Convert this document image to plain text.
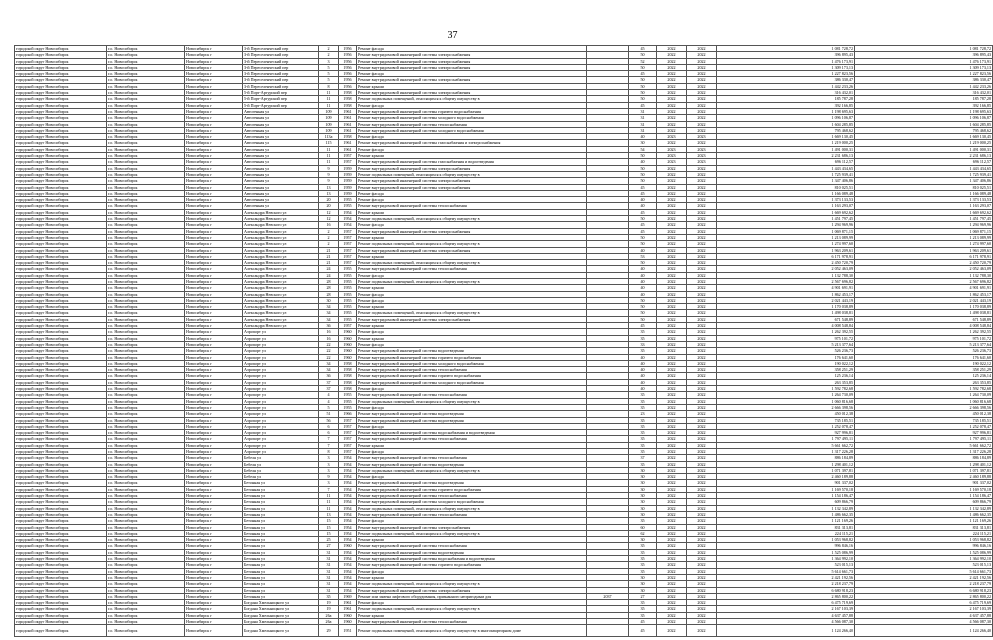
37
городской округ Новосибирск	г.о. Новосибирск	Новосибирск г	3-й Переселенческий пер	2	1956	Ремонт фасада		45	2022	2022	1 081 728,72	1 081 728,72
городской округ Новосибирск	г.о. Новосибирск	Новосибирск г	3-й Переселенческий пер	2	1956	Ремонт внутридомовой инженерной системы электроснабжения		50	2022	2022	396 895,43	396 895,43
городской округ Новосибирск	г.о. Новосибирск	Новосибирск г	3-й Переселенческий пер	3	1956	Ремонт внутридомовой инженерной системы электроснабжения		52	2022	2022	1 476 173,91	1 476 173,91
городской округ Новосибирск	г.о. Новосибирск	Новосибирск г	3-й Переселенческий пер	5	1956	Ремонт внутридомовой инженерной системы электроснабжения		50	2022	2022	1 309 173,13	1 309 173,13
городской округ Новосибирск	г.о. Новосибирск	Новосибирск г	3-й Переселенческий пер	5	1956	Ремонт фасада		45	2022	2022	1 227 823,56	1 227 823,56
городской округ Новосибирск	г.о. Новосибирск	Новосибирск г	3-й Переселенческий пер	5	1956	Ремонт внутридомовой инженерной системы электроснабжения		50	2022	2022	386 330,47	386 330,47
городской округ Новосибирск	г.о. Новосибирск	Новосибирск г	3-й Переселенческий пер	8	1956	Ремонт крыши		50	2022	2022	1 442 233,26	1 442 233,26
городской округ Новосибирск	г.о. Новосибирск	Новосибирск г	5-й Порт-Артурский пер	11	1958	Ремонт внутридомовой инженерной системы электроснабжения		50	2022	2022	316 432,01	316 432,01
городской округ Новосибирск	г.о. Новосибирск	Новосибирск г	5-й Порт-Артурский пер	11	1958	Ремонт подвальных помещений, относящихся к общему имуществу в		50	2022	2022	185 787,28	185 787,28
городской округ Новосибирск	г.о. Новосибирск	Новосибирск г	5-й Порт-Артурский пер	11	1958	Ремонт фасада		45	2022	2022	392 166,85	392 166,85
городской округ Новосибирск	г.о. Новосибирск	Новосибирск г	Автогенная ул	109	1961	Ремонт внутридомовой инженерной системы горячего водоснабжения		31	2022	2022	1 198 695,63	1 198 695,63
городской округ Новосибирск	г.о. Новосибирск	Новосибирск г	Автогенная ул	109	1961	Ремонт внутридомовой инженерной системы холодного водоснабжения		31	2022	2022	1 096 106,87	1 096 106,87
городской округ Новосибирск	г.о. Новосибирск	Новосибирск г	Автогенная ул	109	1961	Ремонт внутридомовой инженерной системы теплоснабжения		31	2022	2022	1 604 285,85	1 604 285,85
городской округ Новосибирск	г.о. Новосибирск	Новосибирск г	Автогенная ул	109	1961	Ремонт внутридомовой инженерной системы холодного водоснабжения		31	2022	2022	795 468,62	795 468,62
городской округ Новосибирск	г.о. Новосибирск	Новосибирск г	Автогенная ул	113а	1958	Ремонт фасада		40	2023	2023	1 669 130,45	1 669 130,45
городской округ Новосибирск	г.о. Новосибирск	Новосибирск г	Автогенная ул	115	1961	Ремонт внутридомовой инженерной системы газоснабжения и электроснабжения		30	2022	2022	1 219 000,25	1 219 000,25
городской округ Новосибирск	г.о. Новосибирск	Новосибирск г	Автогенная ул	11	1961	Ремонт фасада		54	2023	2023	1 491 000,31	1 491 000,31
городской округ Новосибирск	г.о. Новосибирск	Новосибирск г	Автогенная ул	11	1957	Ремонт крыши		50	2023	2023	2 231 686,13	2 231 686,13
городской округ Новосибирск	г.о. Новосибирск	Новосибирск г	Автогенная ул	11	1957	Ремонт внутридомовой инженерной системы газоснабжения и водоотведения		40	2023	2023	696 112,57	696 112,57
городской округ Новосибирск	г.о. Новосибирск	Новосибирск г	Автогенная ул	9	1959	Ремонт внутридомовой инженерной системы электроснабжения		50	2022	2022	1 443 434,65	1 443 434,65
городской округ Новосибирск	г.о. Новосибирск	Новосибирск г	Автогенная ул	9	1959	Ремонт подвальных помещений, относящихся к общему имуществу в		50	2022	2022	1 725 939,41	1 725 939,41
городской округ Новосибирск	г.о. Новосибирск	Новосибирск г	Автогенная ул	9	1959	Ремонт внутридомовой инженерной системы электроснабжения		50	2022	2022	1 347 406,86	1 347 406,86
городской округ Новосибирск	г.о. Новосибирск	Новосибирск г	Автогенная ул	13	1959	Ремонт внутридомовой инженерной системы электроснабжения		45	2022	2022	810 025,51	810 025,51
городской округ Новосибирск	г.о. Новосибирск	Новосибирск г	Автогенная ул	13	1959	Ремонт фасада		45	2022	2022	1 166 089,48	1 166 089,48
городской округ Новосибирск	г.о. Новосибирск	Новосибирск г	Автогенная ул	20	1955	Ремонт фасада		40	2022	2022	1 373 133,53	1 373 133,53
городской округ Новосибирск	г.о. Новосибирск	Новосибирск г	Автогенная ул	20	1955	Ремонт внутридомовой инженерной системы теплоснабжения		40	2022	2022	1 163 293,07	1 163 293,07
городской округ Новосибирск	г.о. Новосибирск	Новосибирск г	Александра Невского ул	12	1954	Ремонт крыши		45	2022	2022	1 669 692,62	1 669 692,62
городской округ Новосибирск	г.о. Новосибирск	Новосибирск г	Александра Невского ул	12	1954	Ремонт подвальных помещений, относящихся к общему имуществу в		50	2022	2022	1 451 797,45	1 451 797,45
городской округ Новосибирск	г.о. Новосибирск	Новосибирск г	Александра Невского ул	16	1954	Ремонт фасада		45	2022	2022	1 294 969,96	1 294 969,96
городской округ Новосибирск	г.о. Новосибирск	Новосибирск г	Александра Невского ул	2	1957	Ремонт внутридомовой инженерной системы электроснабжения		45	2022	2022	1 069 871,15	1 069 871,15
городской округ Новосибирск	г.о. Новосибирск	Новосибирск г	Александра Невского ул	2	1957	Ремонт крыши		50	2022	2022	1 213 089,99	1 213 089,99
городской округ Новосибирск	г.о. Новосибирск	Новосибирск г	Александра Невского ул	2	1957	Ремонт подвальных помещений, относящихся к общему имуществу в		50	2022	2022	1 274 997,60	1 274 997,60
городской округ Новосибирск	г.о. Новосибирск	Новосибирск г	Александра Невского ул	21	1957	Ремонт внутридомовой инженерной системы электроснабжения		40	2022	2022	1 963 209,61	1 963 209,61
городской округ Новосибирск	г.о. Новосибирск	Новосибирск г	Александра Невского ул	21	1957	Ремонт крыши		53	2022	2022	6 171 978,91	6 171 978,91
городской округ Новосибирск	г.о. Новосибирск	Новосибирск г	Александра Невского ул	21	1957	Ремонт подвальных помещений, относящихся к общему имуществу в		50	2022	2022	2 450 720,79	2 450 720,79
городской округ Новосибирск	г.о. Новосибирск	Новосибирск г	Александра Невского ул	24	1955	Ремонт внутридомовой инженерной системы теплоснабжения		40	2022	2022	2 052 463,09	2 052 463,09
городской округ Новосибирск	г.о. Новосибирск	Новосибирск г	Александра Невского ул	24	1955	Ремонт фасада		40	2022	2022	1 132 788,30	1 132 788,30
городской округ Новосибирск	г.о. Новосибирск	Новосибирск г	Александра Невского ул	28	1955	Ремонт подвальных помещений, относящихся к общему имуществу в		40	2022	2022	2 567 696,82	2 567 696,82
городской округ Новосибирск	г.о. Новосибирск	Новосибирск г	Александра Невского ул	28	1955	Ремонт крыши		40	2022	2022	4 901 691,91	4 901 691,91
городской округ Новосибирск	г.о. Новосибирск	Новосибирск г	Александра Невского ул	28	1955	Ремонт фасада		40	2022	2022	1 862 453,17	1 862 453,17
городской округ Новосибирск	г.о. Новосибирск	Новосибирск г	Александра Невского ул	30	1955	Ремонт фасада		50	2022	2022	2 021 443,19	2 021 443,19
городской округ Новосибирск	г.о. Новосибирск	Новосибирск г	Александра Невского ул	34	1955	Ремонт крыши		50	2022	2022	1 170 038,89	1 170 038,89
городской округ Новосибирск	г.о. Новосибирск	Новосибирск г	Александра Невского ул	34	1955	Ремонт подвальных помещений, относящихся к общему имуществу в		50	2022	2022	1 498 038,81	1 498 038,81
городской округ Новосибирск	г.о. Новосибирск	Новосибирск г	Александра Невского ул	34	1955	Ремонт внутридомовой инженерной системы электроснабжения		50	2022	2022	671 548,89	671 548,89
городской округ Новосибирск	г.о. Новосибирск	Новосибирск г	Александра Невского ул	36	1957	Ремонт крыши		45	2022	2022	4 008 548,84	4 008 548,84
городской округ Новосибирск	г.о. Новосибирск	Новосибирск г	Аэропорт ул	16	1960	Ремонт фасада		35	2022	2022	1 262 392,55	1 262 392,55
городской округ Новосибирск	г.о. Новосибирск	Новосибирск г	Аэропорт ул	16	1960	Ремонт крыши		35	2022	2022	975 101,72	975 101,72
городской округ Новосибирск	г.о. Новосибирск	Новосибирск г	Аэропорт ул	22	1960	Ремонт фасада		33	2022	2022	5 213 377,64	5 213 377,64
городской округ Новосибирск	г.о. Новосибирск	Новосибирск г	Аэропорт ул	22	1960	Ремонт внутридомовой инженерной системы водоотведения		35	2022	2022	526 236,73	526 236,73
городской округ Новосибирск	г.о. Новосибирск	Новосибирск г	Аэропорт ул	22	1960	Ремонт внутридомовой инженерной системы горячего водоснабжения		40	2022	2022	176 641,60	176 641,60
городской округ Новосибирск	г.о. Новосибирск	Новосибирск г	Аэропорт ул	34	1958	Ремонт внутридомовой инженерной системы холодного водоснабжения		40	2022	2022	190 022,12	190 022,12
городской округ Новосибирск	г.о. Новосибирск	Новосибирск г	Аэропорт ул	34	1958	Ремонт внутридомовой инженерной системы теплоснабжения		40	2022	2022	358 251,29	358 251,29
городской округ Новосибирск	г.о. Новосибирск	Новосибирск г	Аэропорт ул	36	1958	Ремонт внутридомовой инженерной системы горячего водоснабжения		40	2022	2022	125 236,14	125 236,14
городской округ Новосибирск	г.о. Новосибирск	Новосибирск г	Аэропорт ул	37	1958	Ремонт внутридомовой инженерной системы холодного водоснабжения		40	2022	2022	263 353,85	263 353,85
городской округ Новосибирск	г.о. Новосибирск	Новосибирск г	Аэропорт ул	37	1958	Ремонт фасада		40	2022	2022	1 592 782,68	1 592 782,68
городской округ Новосибирск	г.о. Новосибирск	Новосибирск г	Аэропорт ул	4	1955	Ремонт внутридомовой инженерной системы теплоснабжения		35	2022	2022	1 264 730,09	1 264 730,09
городской округ Новосибирск	г.о. Новосибирск	Новосибирск г	Аэропорт ул	4	1955	Ремонт подвальных помещений, относящихся к общему имуществу в		35	2022	2022	1 060 816,68	1 060 816,68
городской округ Новосибирск	г.о. Новосибирск	Новосибирск г	Аэропорт ул	5	1955	Ремонт фасада		35	2022	2022	2 666 398,56	2 666 398,56
городской округ Новосибирск	г.о. Новосибирск	Новосибирск г	Аэропорт ул	51	1966	Ремонт внутридомовой инженерной системы водоотведения		23	2022	2022	450 012,38	450 012,38
городской округ Новосибирск	г.о. Новосибирск	Новосибирск г	Аэропорт ул	56	1957	Ремонт внутридомовой инженерной системы водоотведения		35	2022	2022	735 185,51	735 185,51
городской округ Новосибирск	г.о. Новосибирск	Новосибирск г	Аэропорт ул	6	1957	Ремонт фасада		35	2022	2022	1 252 078,47	1 252 078,47
городской округ Новосибирск	г.о. Новосибирск	Новосибирск г	Аэропорт ул	6	1957	Ремонт внутридомовой инженерной системы водоснабжения и водоотведения		35	2022	2022	927 996,81	927 996,81
городской округ Новосибирск	г.о. Новосибирск	Новосибирск г	Аэропорт ул	7	1957	Ремонт внутридомовой инженерной системы теплоснабжения		35	2022	2022	1 797 495,11	1 797 495,11
городской округ Новосибирск	г.о. Новосибирск	Новосибирск г	Аэропорт ул	7	1957	Ремонт крыши		35	2022	2022	5 661 662,72	5 661 662,72
городской округ Новосибирск	г.о. Новосибирск	Новосибирск г	Аэропорт ул	8	1957	Ремонт фасада		35	2022	2022	1 317 226,28	1 317 226,28
городской округ Новосибирск	г.о. Новосибирск	Новосибирск г	Бебеля ул	3	1954	Ремонт внутридомовой инженерной системы теплоснабжения		37	2022	2022	886 184,89	886 184,89
городской округ Новосибирск	г.о. Новосибирск	Новосибирск г	Бебеля ул	3	1954	Ремонт внутридомовой инженерной системы водоотведения		35	2022	2022	1 298 401,12	1 298 401,12
городской округ Новосибирск	г.о. Новосибирск	Новосибирск г	Бебеля ул	3	1954	Ремонт подвальных помещений, относящихся к общему имуществу в		30	2022	2022	1 071 397,81	1 071 397,81
городской округ Новосибирск	г.о. Новосибирск	Новосибирск г	Бебеля ул	9	1954	Ремонт фасада		30	2022	2022	2 460 189,88	2 460 189,88
городской округ Новосибирск	г.о. Новосибирск	Новосибирск г	Бетонная ул	3	1954	Ремонт внутридомовой инженерной системы водоотведения		30	2022	2022	901 337,02	901 337,02
городской округ Новосибирск	г.о. Новосибирск	Новосибирск г	Бетонная ул	7	1954	Ремонт внутридомовой инженерной системы горячего водоснабжения		30	2022	2022	1 169 570,18	1 169 570,18
городской округ Новосибирск	г.о. Новосибирск	Новосибирск г	Бетонная ул	11	1954	Ремонт внутридомовой инженерной системы теплоснабжения		30	2022	2022	1 154 186,47	1 154 186,47
городской округ Новосибирск	г.о. Новосибирск	Новосибирск г	Бетонная ул	11	1954	Ремонт внутридомовой инженерной системы холодного водоснабжения		30	2022	2022	609 866,79	609 866,79
городской округ Новосибирск	г.о. Новосибирск	Новосибирск г	Бетонная ул	11	1954	Ремонт подвальных помещений, относящихся к общему имуществу в		30	2022	2022	1 132 342,89	1 132 342,89
городской округ Новосибирск	г.о. Новосибирск	Новосибирск г	Бетонная ул	13	1954	Ремонт внутридомовой инженерной системы теплоснабжения		30	2022	2022	1 486 662,35	1 486 662,35
городской округ Новосибирск	г.о. Новосибирск	Новосибирск г	Бетонная ул	15	1954	Ремонт фасада		35	2022	2022	1 121 169,26	1 121 169,26
городской округ Новосибирск	г.о. Новосибирск	Новосибирск г	Бетонная ул	15	1954	Ремонт внутридомовой инженерной системы электроснабжения		60	2022	2022	831 313,81	831 313,81
городской округ Новосибирск	г.о. Новосибирск	Новосибирск г	Бетонная ул	15	1954	Ремонт подвальных помещений, относящихся к общему имуществу в		62	2022	2022	224 115,21	224 115,21
городской округ Новосибирск	г.о. Новосибирск	Новосибирск г	Бетонная ул	25	1954	Ремонт крыши		30	2022	2022	1 053 968,82	1 053 968,82
городской округ Новосибирск	г.о. Новосибирск	Новосибирск г	Бетонная ул	27	1960	Ремонт внутридомовой инженерной системы теплоснабжения		35	2022	2022	996 846,16	996 846,16
городской округ Новосибирск	г.о. Новосибирск	Новосибирск г	Бетонная ул	31	1954	Ремонт внутридомовой инженерной системы водоотведения		35	2022	2022	1 525 086,99	1 525 086,99
городской округ Новосибирск	г.о. Новосибирск	Новосибирск г	Бетонная ул	31	1954	Ремонт внутридомовой инженерной системы водоснабжения и водоотведения		35	2022	2022	1 364 992,10	1 364 992,10
городской округ Новосибирск	г.о. Новосибирск	Новосибирск г	Бетонная ул	31	1954	Ремонт внутридомовой инженерной системы горячего водоснабжения		35	2022	2022	523 015,13	523 015,13
городской округ Новосибирск	г.о. Новосибирск	Новосибирск г	Бетонная ул	31	1954	Ремонт фасада		35	2022	2022	5 614 661,73	5 614 661,73
городской округ Новосибирск	г.о. Новосибирск	Новосибирск г	Бетонная ул	31	1954	Ремонт крыши		30	2022	2022	2 421 192,56	2 421 192,56
городской округ Новосибирск	г.о. Новосибирск	Новосибирск г	Бетонная ул	31	1954	Ремонт подвальных помещений, относящихся к общему имуществу в		30	2022	2022	2 218 237,79	2 218 237,79
городской округ Новосибирск	г.о. Новосибирск	Новосибирск г	Бетонная ул	31	1954	Ремонт внутридомовой инженерной системы электроснабжения		30	2022	2022	6 680 918,23	6 680 918,23
городской округ Новосибирск	г.о. Новосибирск	Новосибирск г	Бетонная ул	35	1969	Ремонт или замена лифтового оборудования, признанного непригодным для	2037	27	2022	2022	2 865 800,22	2 865 800,22
городской округ Новосибирск	г.о. Новосибирск	Новосибирск г	Богдана Хмельницкого ул	19	1961	Ремонт фасада		35	2022	2022	6 475 719,69	6 475 719,69
городской округ Новосибирск	г.о. Новосибирск	Новосибирск г	Богдана Хмельницкого ул	19	1961	Ремонт подвальных помещений, относящихся к общему имуществу в		35	2022	2022	2 167 103,39	2 167 103,39
городской округ Новосибирск	г.о. Новосибирск	Новосибирск г	Богдана Хмельницкого ул	26а	1960	Ремонт крыши		35	2022	2022	4 637 457,88	4 637 457,88
городской округ Новосибирск	г.о. Новосибирск	Новосибирск г	Богдана Хмельницкого ул	26а	1960	Ремонт внутридомовой инженерной системы теплоснабжения		45	2022	2022	4 566 087,30	4 566 087,30
городской округ Новосибирск	г.о. Новосибирск	Новосибирск г	Богдана Хмельницкого ул	29	1951	Ремонт подвальных помещений, относящихся к общему имуществу в многоквартирном доме		45	2022	2022	1 124 266,40	1 124 266,40
